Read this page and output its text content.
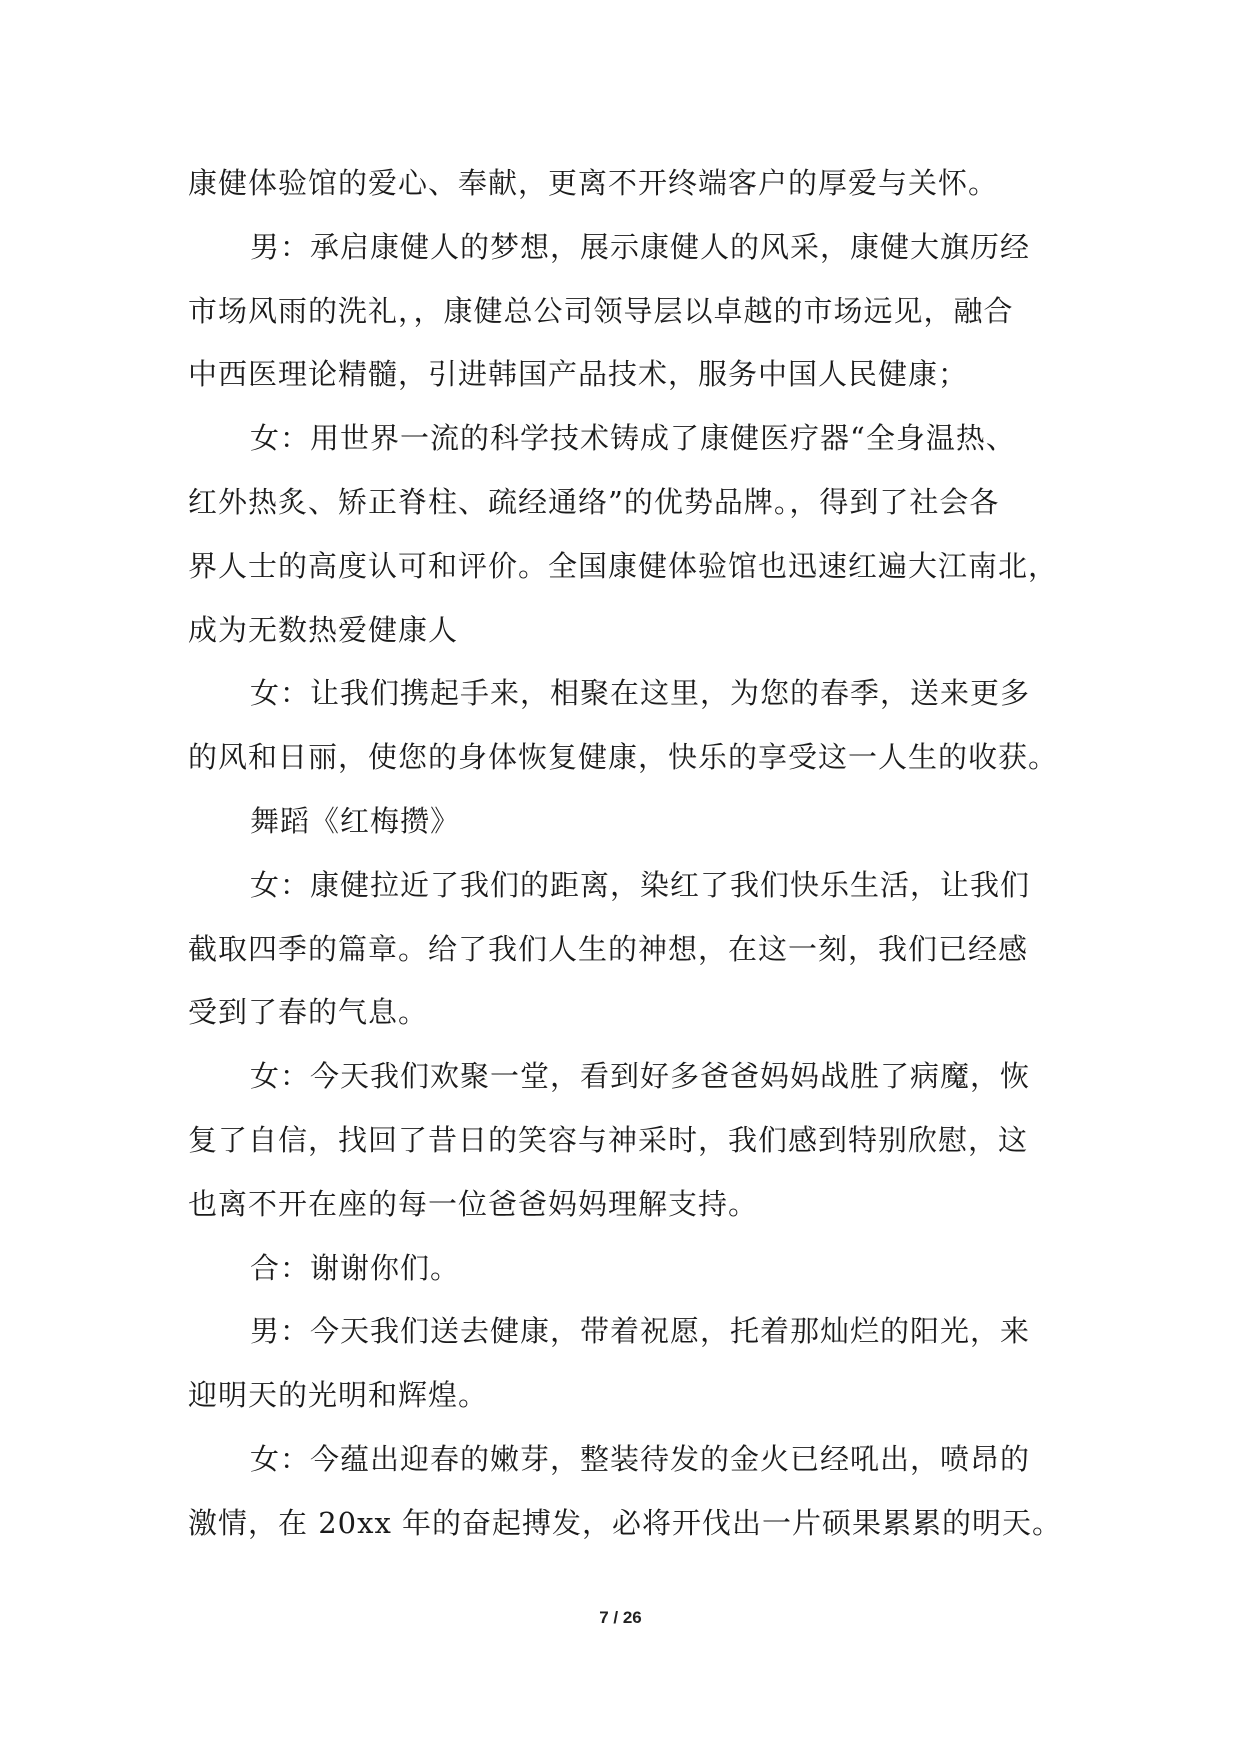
康健体验馆的爱心、奉献，更离不开终端客户的厚爱与关怀。
男：承启康健人的梦想，展示康健人的风采，康健大旗历经
市场风雨的洗礼，，康健总公司领导层以卓越的市场远见，融合
中西医理论精髓，引进韩国产品技术，服务中国人民健康；
女：用世界一流的科学技术铸成了康健医疗器“全身温热、
红外热炙、矫正脊柱、疏经通络”的优势品牌。，得到了社会各
界人士的高度认可和评价。全国康健体验馆也迅速红遍大江南北，
成为无数热爱健康人
女：让我们携起手来，相聚在这里，为您的春季，送来更多
的风和日丽，使您的身体恢复健康，快乐的享受这一人生的收获。
舞蹈《红梅攒》
女：康健拉近了我们的距离，染红了我们快乐生活，让我们
截取四季的篇章。给了我们人生的神想，在这一刻，我们已经感
受到了春的气息。
女：今天我们欢聚一堂，看到好多爸爸妈妈战胜了病魔，恢
复了自信，找回了昔日的笑容与神采时，我们感到特别欣慰，这
也离不开在座的每一位爸爸妈妈理解支持。
合：谢谢你们。
男：今天我们送去健康，带着祝愿，托着那灿烂的阳光，来
迎明天的光明和辉煌。
女：今蕴出迎春的嫩芽，整装待发的金火已经吼出，喷昂的
激情，在 20xx 年的奋起搏发，必将开伐出一片硕果累累的明天。
7 / 26
